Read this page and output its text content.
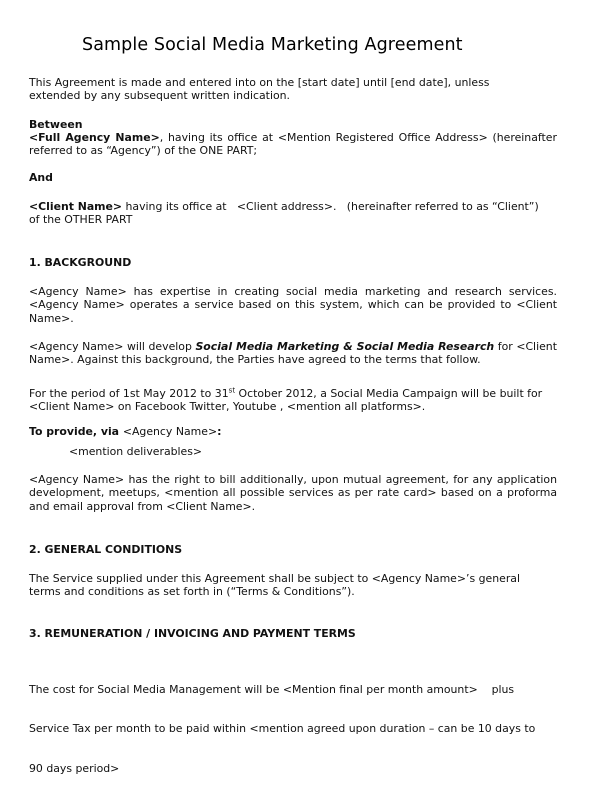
Sample Social Media Marketing Agreement
This Agreement is made and entered into on the [start date] until [end date], unless
extended by any subsequent written indication.
Between
<Full Agency Name>, having its office at <Mention Registered Office Address> (hereinafter referred to as “Agency”) of the ONE PART;
And
<Client Name> having its office at   <Client address>.   (hereinafter referred to as “Client”) of the OTHER PART
1. BACKGROUND
<Agency Name> has expertise in creating social media marketing and research services. <Agency Name> operates a service based on this system, which can be provided to <Client Name>.
<Agency Name> will develop Social Media Marketing & Social Media Research for <Client Name>. Against this background, the Parties have agreed to the terms that follow.
For the period of 1st May 2012 to 31st October 2012, a Social Media Campaign will be built for <Client Name> on Facebook Twitter, Youtube , <mention all platforms>.
To provide, via <Agency Name>:
<mention deliverables>
<Agency Name> has the right to bill additionally, upon mutual agreement, for any application development, meetups, <mention all possible services as per rate card> based on a proforma and email approval from <Client Name>.
2. GENERAL CONDITIONS
The Service supplied under this Agreement shall be subject to <Agency Name>’s general terms and conditions as set forth in (“Terms & Conditions”).
3. REMUNERATION / INVOICING AND PAYMENT TERMS

The cost for Social Media Management will be <Mention final per month amount>    plus

Service Tax per month to be paid within <mention agreed upon duration – can be 10 days to

90 days period>
